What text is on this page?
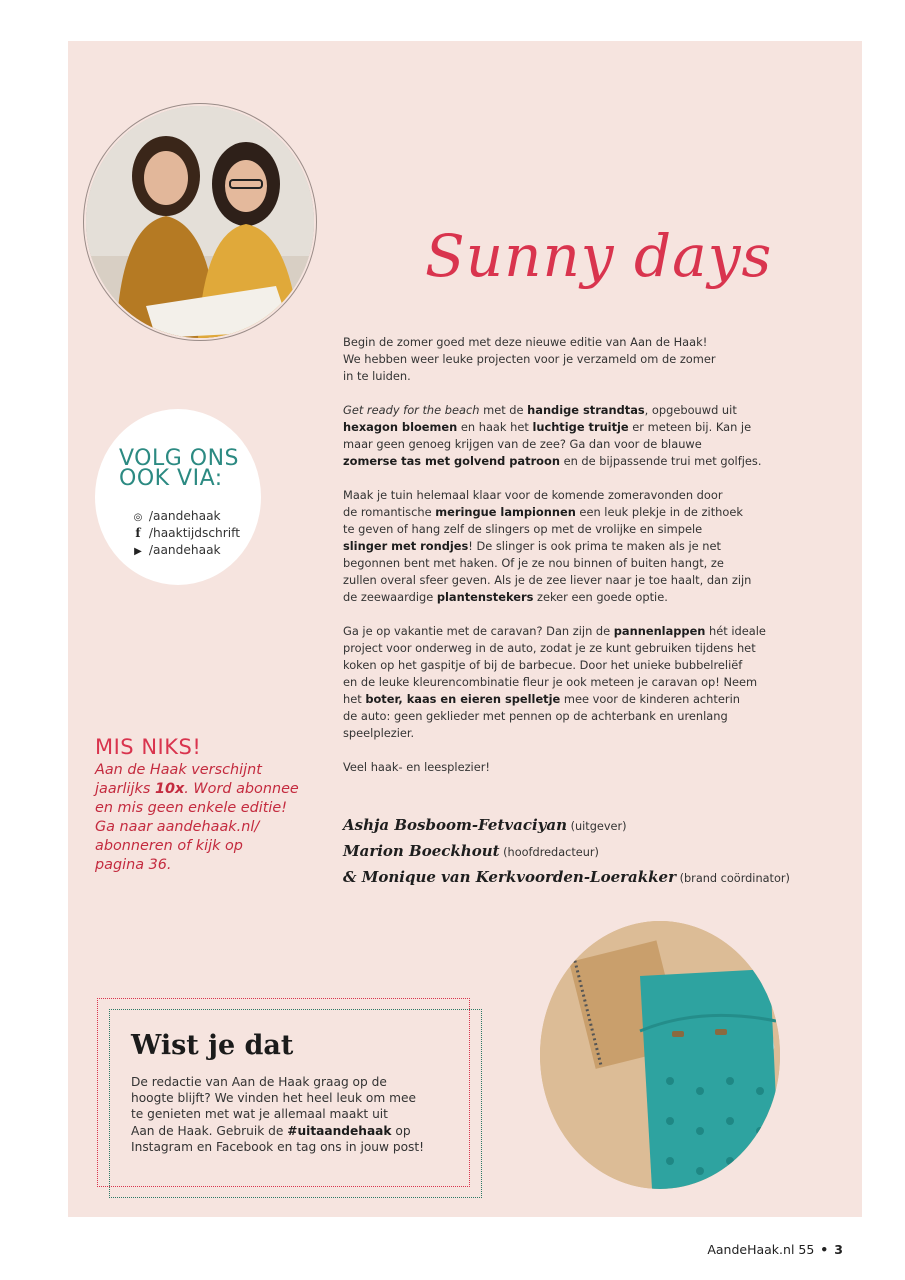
Sunny days

Begin de zomer goed met deze nieuwe editie van Aan de Haak!
We hebben weer leuke projecten voor je verzameld om de zomer
in te luiden.

Get ready for the beach met de handige strandtas, opgebouwd uit
hexagon bloemen en haak het luchtige truitje er meteen bij. Kan je
maar geen genoeg krijgen van de zee? Ga dan voor de blauwe
zomerse tas met golvend patroon en de bijpassende trui met golfjes.

Maak je tuin helemaal klaar voor de komende zomeravonden door
de romantische meringue lampionnen een leuk plekje in de zithoek
te geven of hang zelf de slingers op met de vrolijke en simpele
slinger met rondjes! De slinger is ook prima te maken als je net
begonnen bent met haken. Of je ze nou binnen of buiten hangt, ze
zullen overal sfeer geven. Als je de zee liever naar je toe haalt, dan zijn
de zeewaardige plantenstekers zeker een goede optie.

Ga je op vakantie met de caravan? Dan zijn de pannenlappen hét ideale
project voor onderweg in de auto, zodat je ze kunt gebruiken tijdens het
koken op het gaspitje of bij de barbecue. Door het unieke bubbelreliëf
en de leuke kleurencombinatie fleur je ook meteen je caravan op! Neem
het boter, kaas en eieren spelletje mee voor de kinderen achterin
de auto: geen geklieder met pennen op de achterbank en urenlang
speelplezier.

Veel haak- en leesplezier!

Ashja Bosboom-Fetvaciyan (uitgever)
Marion Boeckhout (hoofdredacteur)
& Monique van Kerkvoorden-Loerakker (brand coördinator)
VOLG ONS
OOK VIA:
◎ /aandehaak
f /haaktijdschrift
▶ /aandehaak
MIS NIKS!
Aan de Haak verschijnt
jaarlijks 10x. Word abonnee
en mis geen enkele editie!
Ga naar aandehaak.nl/
abonneren of kijk op
pagina 36.
Wist je dat
De redactie van Aan de Haak graag op de
hoogte blijft? We vinden het heel leuk om mee
te genieten met wat je allemaal maakt uit
Aan de Haak. Gebruik de #uitaandehaak op
Instagram en Facebook en tag ons in jouw post!
AandeHaak.nl 55 • 3
